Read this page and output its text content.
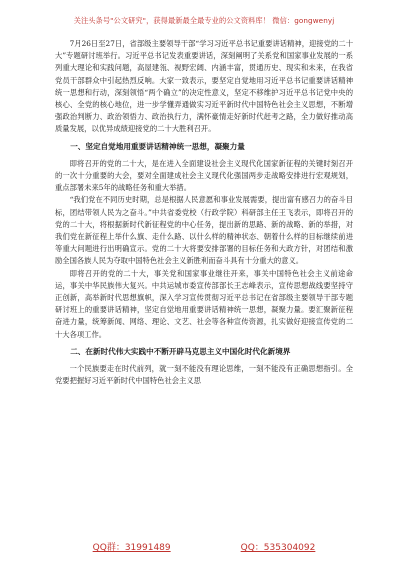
关注头条号"公文研究"，获得最新最全最专业的公文资料库！ 微信：gongwenyj

7月26日至27日，省部级主要领导干部“学习习近平总书记重要讲话精神，迎接党的二十大”专题研讨班举行。习近平总书记发表重要讲话，深刻阐明了关系党和国家事业发展的一系列重大理论和实践问题，高屋建瓴、视野宏阔、内涵丰富，贯通历史、现实和未来，在我省党员干部群众中引起热烈反响。大家一致表示，要坚定自觉地用习近平总书记重要讲话精神统一思想和行动，深刻领悟“两个确立”的决定性意义，坚定不移维护习近平总书记党中央的核心、全党的核心地位，进一步学懂弄通做实习近平新时代中国特色社会主义思想，不断增强政治判断力、政治领悟力、政治执行力，满怀豪情走好新时代赶考之路，全力做好推动高质量发展，以优异成绩迎接党的二十大胜利召开。

一、坚定自觉地用重要讲话精神统一思想，凝聚力量

即将召开的党的二十大，是在进入全面建设社会主义现代化国家新征程的关键时刻召开的一次十分重要的大会，要对全面建成社会主义现代化强国两步走战略安排进行宏观规划，重点部署未来5年的战略任务和重大举措。

“我们党在不同历史时期，总是根据人民意愿和事业发展需要，提出富有感召力的奋斗目标，团结带领人民为之奋斗。”中共省委党校（行政学院）科研部主任王飞表示，即将召开的党的二十大，将根据新时代新征程党的中心任务，提出新的思路、新的战略、新的举措，对我们党在新征程上举什么旗、走什么路、以什么样的精神状态、朝着什么样的目标继续前进等重大问题进行出明确宣示。党的二十大将要安排部署的目标任务和大政方针，对团结和激励全国各族人民为夺取中国特色社会主义新胜利而奋斗具有十分重大的意义。

即将召开的党的二十大，事关党和国家事业继往开来，事关中国特色社会主义前途命运，事关中华民族伟大复兴。中共运城市委宣传部部长王志峰表示，宣传思想战线要坚持守正创新，高举新时代思想旗帜，深入学习宣传贯彻习近平总书记在省部级主要领导干部专题研讨班上的重要讲话精神，坚定自觉地用重要讲话精神统一思想，凝聚力量。要汇聚新征程奋进力量，统筹新闻、网络、理论、文艺、社会等各种宣传资源，扎实做好迎接宣传党的二十大各项工作。

二、在新时代伟大实践中不断开辟马克思主义中国化时代化新境界

一个民族要走在时代前列，就一刻不能没有理论思维，一刻不能没有正确思想指引。全党要把握好习近平新时代中国特色社会主义思

QQ群：31991489	QQ：535304092
